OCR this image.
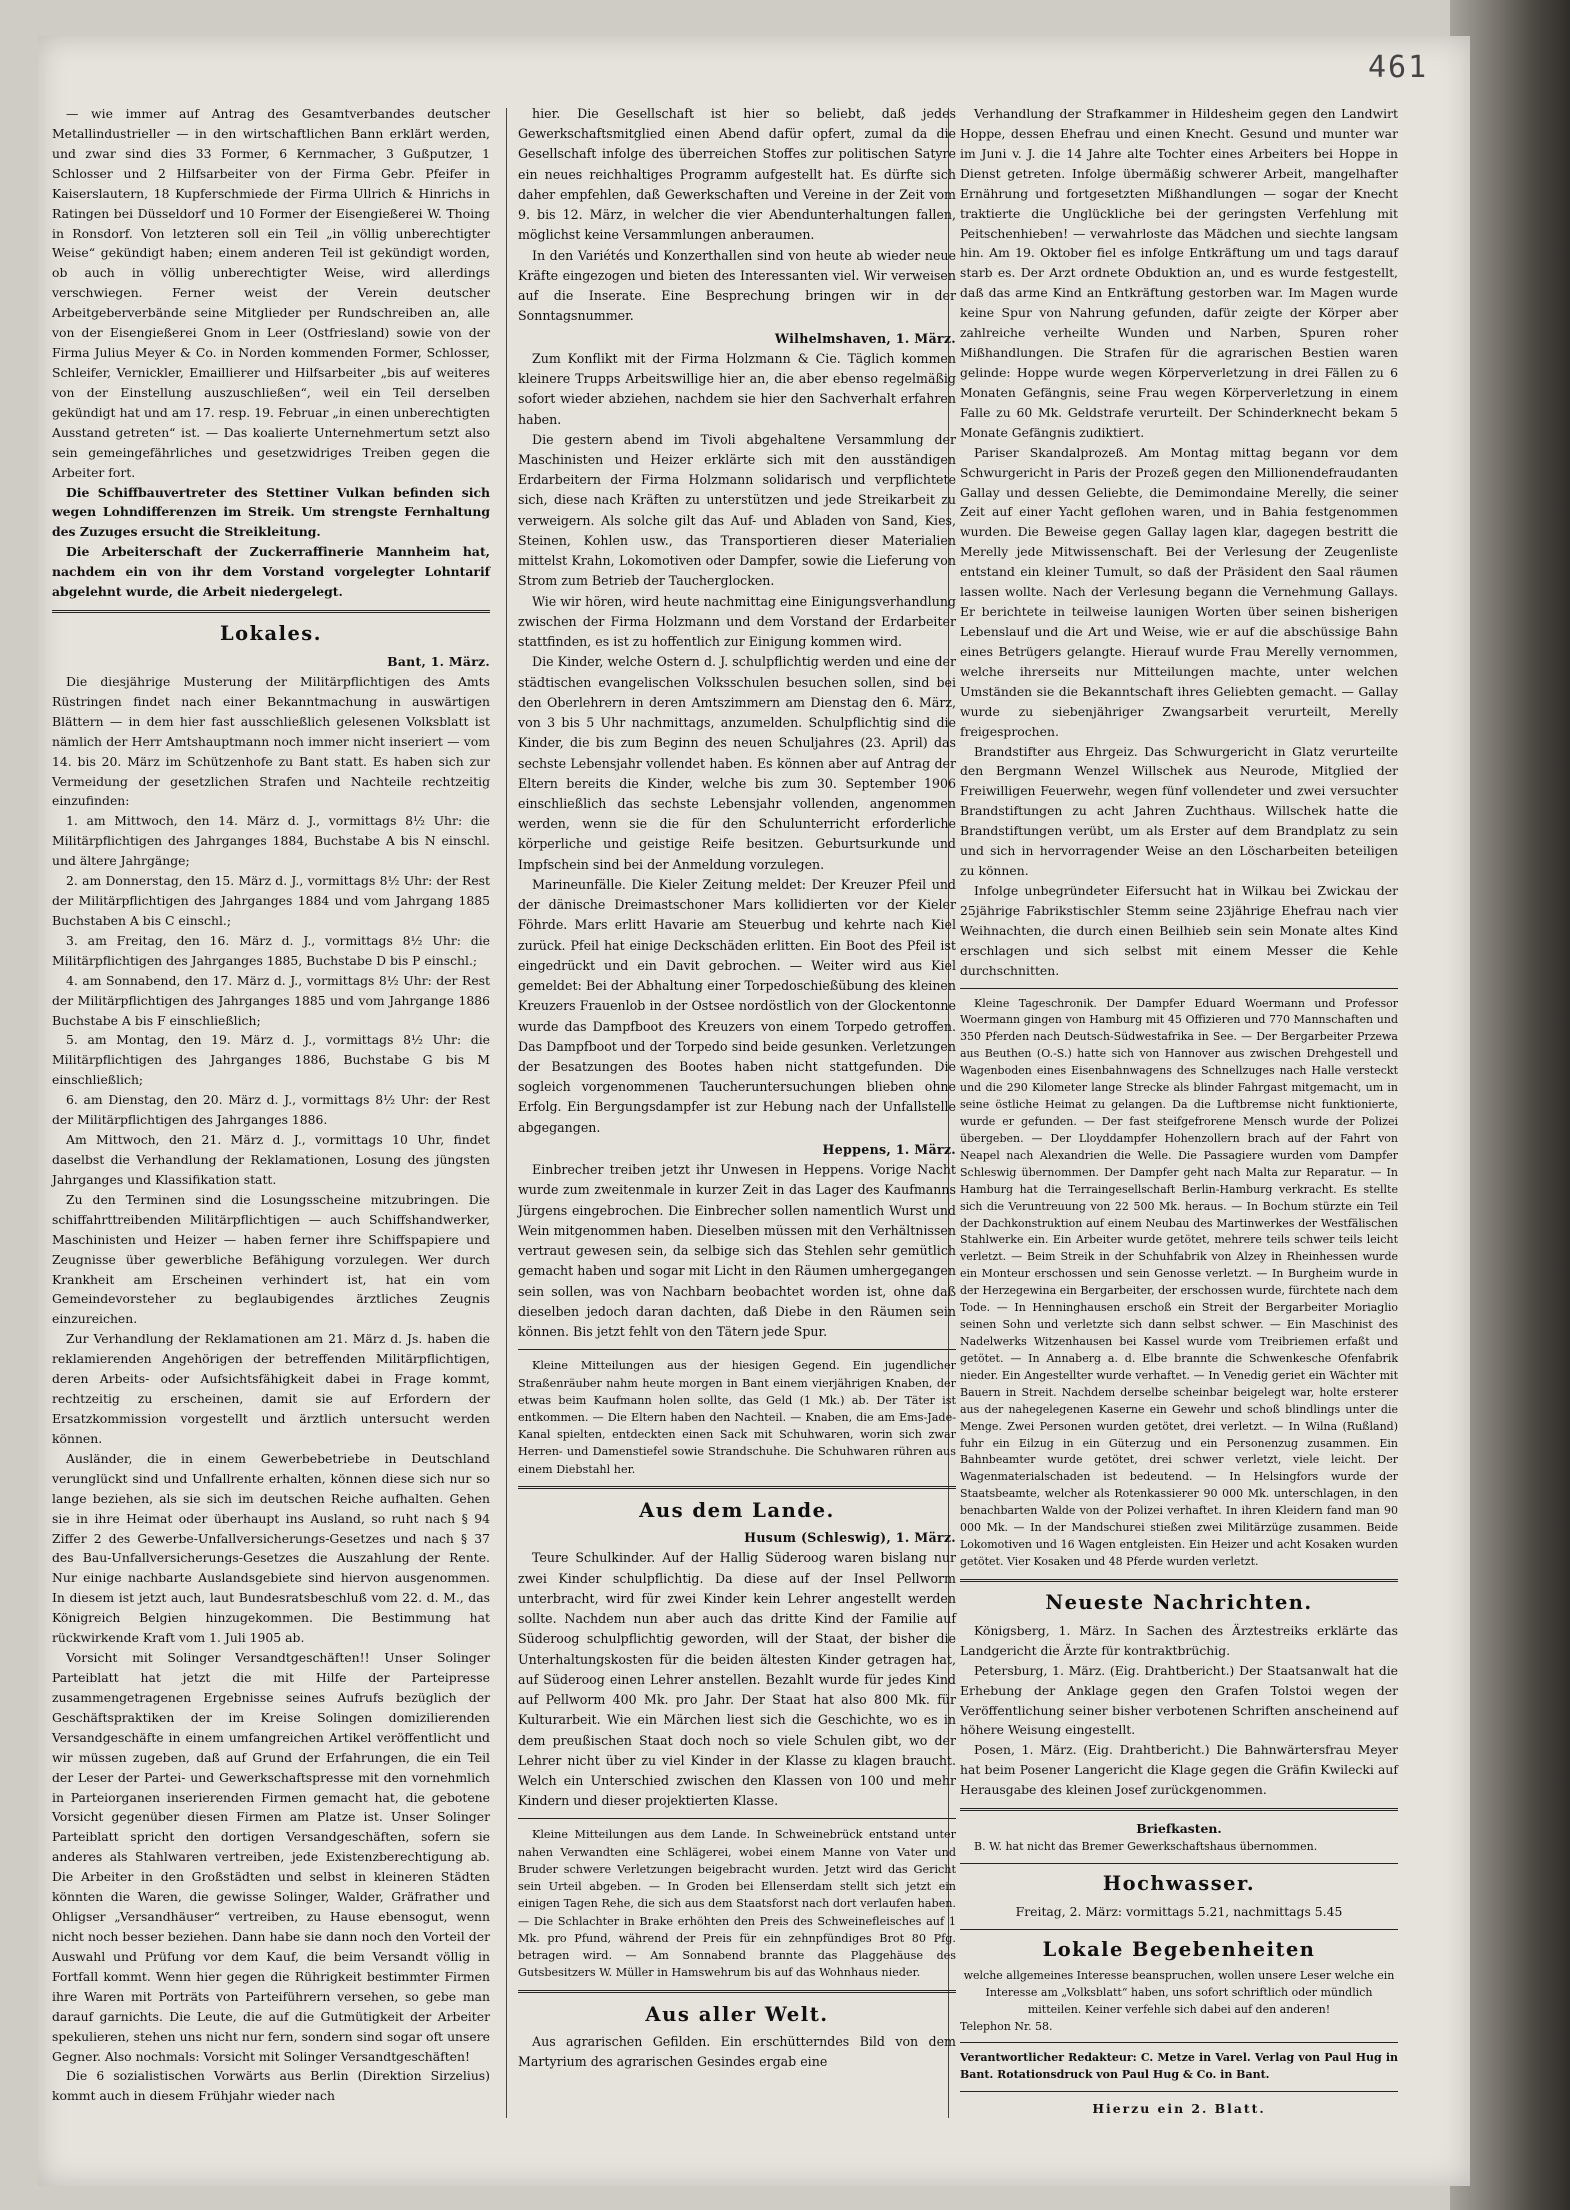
461

— wie immer auf Antrag des Gesamtverbandes deutscher Metallindustrieller — in den wirtschaftlichen Bann erklärt werden, und zwar sind dies 33 Former, 6 Kernmacher, 3 Gußputzer, 1 Schlosser und 2 Hilfsarbeiter von der Firma Gebr. Pfeifer in Kaiserslautern, 18 Kupferschmiede der Firma Ullrich & Hinrichs in Ratingen bei Düsseldorf und 10 Former der Eisengießerei W. Thoing in Ronsdorf. Von letzteren soll ein Teil „in völlig unberechtigter Weise“ gekündigt haben; einem anderen Teil ist gekündigt worden, ob auch in völlig unberechtigter Weise, wird allerdings verschwiegen. Ferner weist der Verein deutscher Arbeitgeberverbände seine Mitglieder per Rundschreiben an, alle von der Eisengießerei Gnom in Leer (Ostfriesland) sowie von der Firma Julius Meyer & Co. in Norden kommenden Former, Schlosser, Schleifer, Vernickler, Emaillierer und Hilfsarbeiter „bis auf weiteres von der Einstellung auszuschließen“, weil ein Teil derselben gekündigt hat und am 17. resp. 19. Februar „in einen unberechtigten Ausstand getreten“ ist. — Das koalierte Unternehmertum setzt also sein gemeingefährliches und gesetzwidriges Treiben gegen die Arbeiter fort.

Die Schiffbauvertreter des Stettiner Vulkan befinden sich wegen Lohndifferenzen im Streik. Um strengste Fernhaltung des Zuzuges ersucht die Streikleitung.

Die Arbeiterschaft der Zuckerraffinerie Mannheim hat, nachdem ein von ihr dem Vorstand vorgelegter Lohntarif abgelehnt wurde, die Arbeit niedergelegt.

Lokales.
Bant, 1. März.

Die diesjährige Musterung der Militärpflichtigen des Amts Rüstringen findet nach einer Bekanntmachung in auswärtigen Blättern — in dem hier fast ausschließlich gelesenen Volksblatt ist nämlich der Herr Amtshauptmann noch immer nicht inseriert — vom 14. bis 20. März im Schützenhofe zu Bant statt. Es haben sich zur Vermeidung der gesetzlichen Strafen und Nachteile rechtzeitig einzufinden:

1. am Mittwoch, den 14. März d. J., vormittags 8½ Uhr: die Militärpflichtigen des Jahrganges 1884, Buchstabe A bis N einschl. und ältere Jahrgänge;

2. am Donnerstag, den 15. März d. J., vormittags 8½ Uhr: der Rest der Militärpflichtigen des Jahrganges 1884 und vom Jahrgang 1885 Buchstaben A bis C einschl.;

3. am Freitag, den 16. März d. J., vormittags 8½ Uhr: die Militärpflichtigen des Jahrganges 1885, Buchstabe D bis P einschl.;

4. am Sonnabend, den 17. März d. J., vormittags 8½ Uhr: der Rest der Militärpflichtigen des Jahrganges 1885 und vom Jahrgange 1886 Buchstabe A bis F einschließlich;

5. am Montag, den 19. März d. J., vormittags 8½ Uhr: die Militärpflichtigen des Jahrganges 1886, Buchstabe G bis M einschließlich;

6. am Dienstag, den 20. März d. J., vormittags 8½ Uhr: der Rest der Militärpflichtigen des Jahrganges 1886.

Am Mittwoch, den 21. März d. J., vormittags 10 Uhr, findet daselbst die Verhandlung der Reklamationen, Losung des jüngsten Jahrganges und Klassifikation statt.

Zu den Terminen sind die Losungsscheine mitzubringen. Die schiffahrttreibenden Militärpflichtigen — auch Schiffshandwerker, Maschinisten und Heizer — haben ferner ihre Schiffspapiere und Zeugnisse über gewerbliche Befähigung vorzulegen. Wer durch Krankheit am Erscheinen verhindert ist, hat ein vom Gemeindevorsteher zu beglaubigendes ärztliches Zeugnis einzureichen.

Zur Verhandlung der Reklamationen am 21. März d. Js. haben die reklamierenden Angehörigen der betreffenden Militärpflichtigen, deren Arbeits- oder Aufsichtsfähigkeit dabei in Frage kommt, rechtzeitig zu erscheinen, damit sie auf Erfordern der Ersatzkommission vorgestellt und ärztlich untersucht werden können.

Ausländer, die in einem Gewerbebetriebe in Deutschland verunglückt sind und Unfallrente erhalten, können diese sich nur so lange beziehen, als sie sich im deutschen Reiche aufhalten. Gehen sie in ihre Heimat oder überhaupt ins Ausland, so ruht nach § 94 Ziffer 2 des Gewerbe-Unfallversicherungs-Gesetzes und nach § 37 des Bau-Unfallversicherungs-Gesetzes die Auszahlung der Rente. Nur einige nachbarte Auslandsgebiete sind hiervon ausgenommen. In diesem ist jetzt auch, laut Bundesratsbeschluß vom 22. d. M., das Königreich Belgien hinzugekommen. Die Bestimmung hat rückwirkende Kraft vom 1. Juli 1905 ab.

Vorsicht mit Solinger Versandtgeschäften!! Unser Solinger Parteiblatt hat jetzt die mit Hilfe der Parteipresse zusammengetragenen Ergebnisse seines Aufrufs bezüglich der Geschäftspraktiken der im Kreise Solingen domizilierenden Versandgeschäfte in einem umfangreichen Artikel veröffentlicht und wir müssen zugeben, daß auf Grund der Erfahrungen, die ein Teil der Leser der Partei- und Gewerkschaftspresse mit den vornehmlich in Parteiorganen inserierenden Firmen gemacht hat, die gebotene Vorsicht gegenüber diesen Firmen am Platze ist. Unser Solinger Parteiblatt spricht den dortigen Versandgeschäften, sofern sie anderes als Stahlwaren vertreiben, jede Existenzberechtigung ab. Die Arbeiter in den Großstädten und selbst in kleineren Städten könnten die Waren, die gewisse Solinger, Walder, Gräfrather und Ohligser „Versandhäuser“ vertreiben, zu Hause ebensogut, wenn nicht noch besser beziehen. Dann habe sie dann noch den Vorteil der Auswahl und Prüfung vor dem Kauf, die beim Versandt völlig in Fortfall kommt. Wenn hier gegen die Rührigkeit bestimmter Firmen ihre Waren mit Porträts von Parteiführern versehen, so gebe man darauf garnichts. Die Leute, die auf die Gutmütigkeit der Arbeiter spekulieren, stehen uns nicht nur fern, sondern sind sogar oft unsere Gegner. Also nochmals: Vorsicht mit Solinger Versandtgeschäften!

Die 6 sozialistischen Vorwärts aus Berlin (Direktion Sirzelius) kommt auch in diesem Frühjahr wieder nach

hier. Die Gesellschaft ist hier so beliebt, daß jedes Gewerkschaftsmitglied einen Abend dafür opfert, zumal da die Gesellschaft infolge des überreichen Stoffes zur politischen Satyre ein neues reichhaltiges Programm aufgestellt hat. Es dürfte sich daher empfehlen, daß Gewerkschaften und Vereine in der Zeit vom 9. bis 12. März, in welcher die vier Abendunterhaltungen fallen, möglichst keine Versammlungen anberaumen.

In den Variétés und Konzerthallen sind von heute ab wieder neue Kräfte eingezogen und bieten des Interessanten viel. Wir verweisen auf die Inserate. Eine Besprechung bringen wir in der Sonntagsnummer.

Wilhelmshaven, 1. März.

Zum Konflikt mit der Firma Holzmann & Cie. Täglich kommen kleinere Trupps Arbeitswillige hier an, die aber ebenso regelmäßig sofort wieder abziehen, nachdem sie hier den Sachverhalt erfahren haben.

Die gestern abend im Tivoli abgehaltene Versammlung der Maschinisten und Heizer erklärte sich mit den ausständigen Erdarbeitern der Firma Holzmann solidarisch und verpflichtete sich, diese nach Kräften zu unterstützen und jede Streikarbeit zu verweigern. Als solche gilt das Auf- und Abladen von Sand, Kies, Steinen, Kohlen usw., das Transportieren dieser Materialien mittelst Krahn, Lokomotiven oder Dampfer, sowie die Lieferung von Strom zum Betrieb der Taucherglocken.

Wie wir hören, wird heute nachmittag eine Einigungsverhandlung zwischen der Firma Holzmann und dem Vorstand der Erdarbeiter stattfinden, es ist zu hoffentlich zur Einigung kommen wird.

Die Kinder, welche Ostern d. J. schulpflichtig werden und eine der städtischen evangelischen Volksschulen besuchen sollen, sind bei den Oberlehrern in deren Amtszimmern am Dienstag den 6. März, von 3 bis 5 Uhr nachmittags, anzumelden. Schulpflichtig sind die Kinder, die bis zum Beginn des neuen Schuljahres (23. April) das sechste Lebensjahr vollendet haben. Es können aber auf Antrag der Eltern bereits die Kinder, welche bis zum 30. September 1906 einschließlich das sechste Lebensjahr vollenden, angenommen werden, wenn sie die für den Schulunterricht erforderliche körperliche und geistige Reife besitzen. Geburtsurkunde und Impfschein sind bei der Anmeldung vorzulegen.

Marineunfälle. Die Kieler Zeitung meldet: Der Kreuzer Pfeil und der dänische Dreimastschoner Mars kollidierten vor der Kieler Föhrde. Mars erlitt Havarie am Steuerbug und kehrte nach Kiel zurück. Pfeil hat einige Deckschäden erlitten. Ein Boot des Pfeil ist eingedrückt und ein Davit gebrochen. — Weiter wird aus Kiel gemeldet: Bei der Abhaltung einer Torpedoschießübung des kleinen Kreuzers Frauenlob in der Ostsee nordöstlich von der Glockentonne wurde das Dampfboot des Kreuzers von einem Torpedo getroffen. Das Dampfboot und der Torpedo sind beide gesunken. Verletzungen der Besatzungen des Bootes haben nicht stattgefunden. Die sogleich vorgenommenen Taucheruntersuchungen blieben ohne Erfolg. Ein Bergungsdampfer ist zur Hebung nach der Unfallstelle abgegangen.

Heppens, 1. März.

Einbrecher treiben jetzt ihr Unwesen in Heppens. Vorige Nacht wurde zum zweitenmale in kurzer Zeit in das Lager des Kaufmanns Jürgens eingebrochen. Die Einbrecher sollen namentlich Wurst und Wein mitgenommen haben. Dieselben müssen mit den Verhältnissen vertraut gewesen sein, da selbige sich das Stehlen sehr gemütlich gemacht haben und sogar mit Licht in den Räumen umhergegangen sein sollen, was von Nachbarn beobachtet worden ist, ohne daß dieselben jedoch daran dachten, daß Diebe in den Räumen sein können. Bis jetzt fehlt von den Tätern jede Spur.

Kleine Mitteilungen aus der hiesigen Gegend. Ein jugendlicher Straßenräuber nahm heute morgen in Bant einem vierjährigen Knaben, der etwas beim Kaufmann holen sollte, das Geld (1 Mk.) ab. Der Täter ist entkommen. — Die Eltern haben den Nachteil. — Knaben, die am Ems-Jade-Kanal spielten, entdeckten einen Sack mit Schuhwaren, worin sich zwar Herren- und Damenstiefel sowie Strandschuhe. Die Schuhwaren rühren aus einem Diebstahl her.

Aus dem Lande.
Husum (Schleswig), 1. März.

Teure Schulkinder. Auf der Hallig Süderoog waren bislang nur zwei Kinder schulpflichtig. Da diese auf der Insel Pellworm unterbracht, wird für zwei Kinder kein Lehrer angestellt werden sollte. Nachdem nun aber auch das dritte Kind der Familie auf Süderoog schulpflichtig geworden, will der Staat, der bisher die Unterhaltungskosten für die beiden ältesten Kinder getragen hat, auf Süderoog einen Lehrer anstellen. Bezahlt wurde für jedes Kind auf Pellworm 400 Mk. pro Jahr. Der Staat hat also 800 Mk. für Kulturarbeit. Wie ein Märchen liest sich die Geschichte, wo es in dem preußischen Staat doch noch so viele Schulen gibt, wo der Lehrer nicht über zu viel Kinder in der Klasse zu klagen braucht. Welch ein Unterschied zwischen den Klassen von 100 und mehr Kindern und dieser projektierten Klasse.

Kleine Mitteilungen aus dem Lande. In Schweinebrück entstand unter nahen Verwandten eine Schlägerei, wobei einem Manne von Vater und Bruder schwere Verletzungen beigebracht wurden. Jetzt wird das Gericht sein Urteil abgeben. — In Groden bei Ellenserdam stellt sich jetzt ein einigen Tagen Rehe, die sich aus dem Staatsforst nach dort verlaufen haben. — Die Schlachter in Brake erhöhten den Preis des Schweinefleisches auf 1 Mk. pro Pfund, während der Preis für ein zehnpfündiges Brot 80 Pfg. betragen wird. — Am Sonnabend brannte das Plaggehäuse des Gutsbesitzers W. Müller in Hamswehrum bis auf das Wohnhaus nieder.

Aus aller Welt.

Aus agrarischen Gefilden. Ein erschütterndes Bild von dem Martyrium des agrarischen Gesindes ergab eine

Verhandlung der Strafkammer in Hildesheim gegen den Landwirt Hoppe, dessen Ehefrau und einen Knecht. Gesund und munter war im Juni v. J. die 14 Jahre alte Tochter eines Arbeiters bei Hoppe in Dienst getreten. Infolge übermäßig schwerer Arbeit, mangelhafter Ernährung und fortgesetzten Mißhandlungen — sogar der Knecht traktierte die Unglückliche bei der geringsten Verfehlung mit Peitschenhieben! — verwahrloste das Mädchen und siechte langsam hin. Am 19. Oktober fiel es infolge Entkräftung um und tags darauf starb es. Der Arzt ordnete Obduktion an, und es wurde festgestellt, daß das arme Kind an Entkräftung gestorben war. Im Magen wurde keine Spur von Nahrung gefunden, dafür zeigte der Körper aber zahlreiche verheilte Wunden und Narben, Spuren roher Mißhandlungen. Die Strafen für die agrarischen Bestien waren gelinde: Hoppe wurde wegen Körperverletzung in drei Fällen zu 6 Monaten Gefängnis, seine Frau wegen Körperverletzung in einem Falle zu 60 Mk. Geldstrafe verurteilt. Der Schinderknecht bekam 5 Monate Gefängnis zudiktiert.

Pariser Skandalprozeß. Am Montag mittag begann vor dem Schwurgericht in Paris der Prozeß gegen den Millionendefraudanten Gallay und dessen Geliebte, die Demimondaine Merelly, die seiner Zeit auf einer Yacht geflohen waren, und in Bahia festgenommen wurden. Die Beweise gegen Gallay lagen klar, dagegen bestritt die Merelly jede Mitwissenschaft. Bei der Verlesung der Zeugenliste entstand ein kleiner Tumult, so daß der Präsident den Saal räumen lassen wollte. Nach der Verlesung begann die Vernehmung Gallays. Er berichtete in teilweise launigen Worten über seinen bisherigen Lebenslauf und die Art und Weise, wie er auf die abschüssige Bahn eines Betrügers gelangte. Hierauf wurde Frau Merelly vernommen, welche ihrerseits nur Mitteilungen machte, unter welchen Umständen sie die Bekanntschaft ihres Geliebten gemacht. — Gallay wurde zu siebenjähriger Zwangsarbeit verurteilt, Merelly freigesprochen.

Brandstifter aus Ehrgeiz. Das Schwurgericht in Glatz verurteilte den Bergmann Wenzel Willschek aus Neurode, Mitglied der Freiwilligen Feuerwehr, wegen fünf vollendeter und zwei versuchter Brandstiftungen zu acht Jahren Zuchthaus. Willschek hatte die Brandstiftungen verübt, um als Erster auf dem Brandplatz zu sein und sich in hervorragender Weise an den Löscharbeiten beteiligen zu können.

Infolge unbegründeter Eifersucht hat in Wilkau bei Zwickau der 25jährige Fabrikstischler Stemm seine 23jährige Ehefrau nach vier Weihnachten, die durch einen Beilhieb sein sein Monate altes Kind erschlagen und sich selbst mit einem Messer die Kehle durchschnitten.

Kleine Tageschronik. Der Dampfer Eduard Woermann und Professor Woermann gingen von Hamburg mit 45 Offizieren und 770 Mannschaften und 350 Pferden nach Deutsch-Südwestafrika in See. — Der Bergarbeiter Przewa aus Beuthen (O.-S.) hatte sich von Hannover aus zwischen Drehgestell und Wagenboden eines Eisenbahnwagens des Schnellzuges nach Halle versteckt und die 290 Kilometer lange Strecke als blinder Fahrgast mitgemacht, um in seine östliche Heimat zu gelangen. Da die Luftbremse nicht funktionierte, wurde er gefunden. — Der fast steifgefrorene Mensch wurde der Polizei übergeben. — Der Lloyddampfer Hohenzollern brach auf der Fahrt von Neapel nach Alexandrien die Welle. Die Passagiere wurden vom Dampfer Schleswig übernommen. Der Dampfer geht nach Malta zur Reparatur. — In Hamburg hat die Terraingesellschaft Berlin-Hamburg verkracht. Es stellte sich die Veruntreuung von 22 500 Mk. heraus. — In Bochum stürzte ein Teil der Dachkonstruktion auf einem Neubau des Martinwerkes der Westfälischen Stahlwerke ein. Ein Arbeiter wurde getötet, mehrere teils schwer teils leicht verletzt. — Beim Streik in der Schuhfabrik von Alzey in Rheinhessen wurde ein Monteur erschossen und sein Genosse verletzt. — In Burgheim wurde in der Herzegewina ein Bergarbeiter, der erschossen wurde, fürchtete nach dem Tode. — In Henninghausen erschoß ein Streit der Bergarbeiter Moriaglio seinen Sohn und verletzte sich dann selbst schwer. — Ein Maschinist des Nadelwerks Witzenhausen bei Kassel wurde vom Treibriemen erfaßt und getötet. — In Annaberg a. d. Elbe brannte die Schwenkesche Ofenfabrik nieder. Ein Angestellter wurde verhaftet. — In Venedig geriet ein Wächter mit Bauern in Streit. Nachdem derselbe scheinbar beigelegt war, holte ersterer aus der nahegelegenen Kaserne ein Gewehr und schoß blindlings unter die Menge. Zwei Personen wurden getötet, drei verletzt. — In Wilna (Rußland) fuhr ein Eilzug in ein Güterzug und ein Personenzug zusammen. Ein Bahnbeamter wurde getötet, drei schwer verletzt, viele leicht. Der Wagenmaterialschaden ist bedeutend. — In Helsingfors wurde der Staatsbeamte, welcher als Rotenkassierer 90 000 Mk. unterschlagen, in den benachbarten Walde von der Polizei verhaftet. In ihren Kleidern fand man 90 000 Mk. — In der Mandschurei stießen zwei Militärzüge zusammen. Beide Lokomotiven und 16 Wagen entgleisten. Ein Heizer und acht Kosaken wurden getötet. Vier Kosaken und 48 Pferde wurden verletzt.

Neueste Nachrichten.

Königsberg, 1. März. In Sachen des Ärztestreiks erklärte das Landgericht die Ärzte für kontraktbrüchig.

Petersburg, 1. März. (Eig. Drahtbericht.) Der Staatsanwalt hat die Erhebung der Anklage gegen den Grafen Tolstoi wegen der Veröffentlichung seiner bisher verbotenen Schriften anscheinend auf höhere Weisung eingestellt.

Posen, 1. März. (Eig. Drahtbericht.) Die Bahnwärtersfrau Meyer hat beim Posener Langericht die Klage gegen die Gräfin Kwilecki auf Herausgabe des kleinen Josef zurückgenommen.

Briefkasten.

B. W. hat nicht das Bremer Gewerkschaftshaus übernommen.

Hochwasser.

Freitag, 2. März: vormittags 5.21, nachmittags 5.45

Lokale Begebenheiten

welche allgemeines Interesse beanspruchen, wollen unsere Leser welche ein Interesse am „Volksblatt“ haben, uns sofort schriftlich oder mündlich mitteilen. Keiner verfehle sich dabei auf den anderen!

Telephon Nr. 58.

Verantwortlicher Redakteur: C. Metze in Varel. Verlag von Paul Hug in Bant. Rotationsdruck von Paul Hug & Co. in Bant.

Hierzu ein 2. Blatt.
